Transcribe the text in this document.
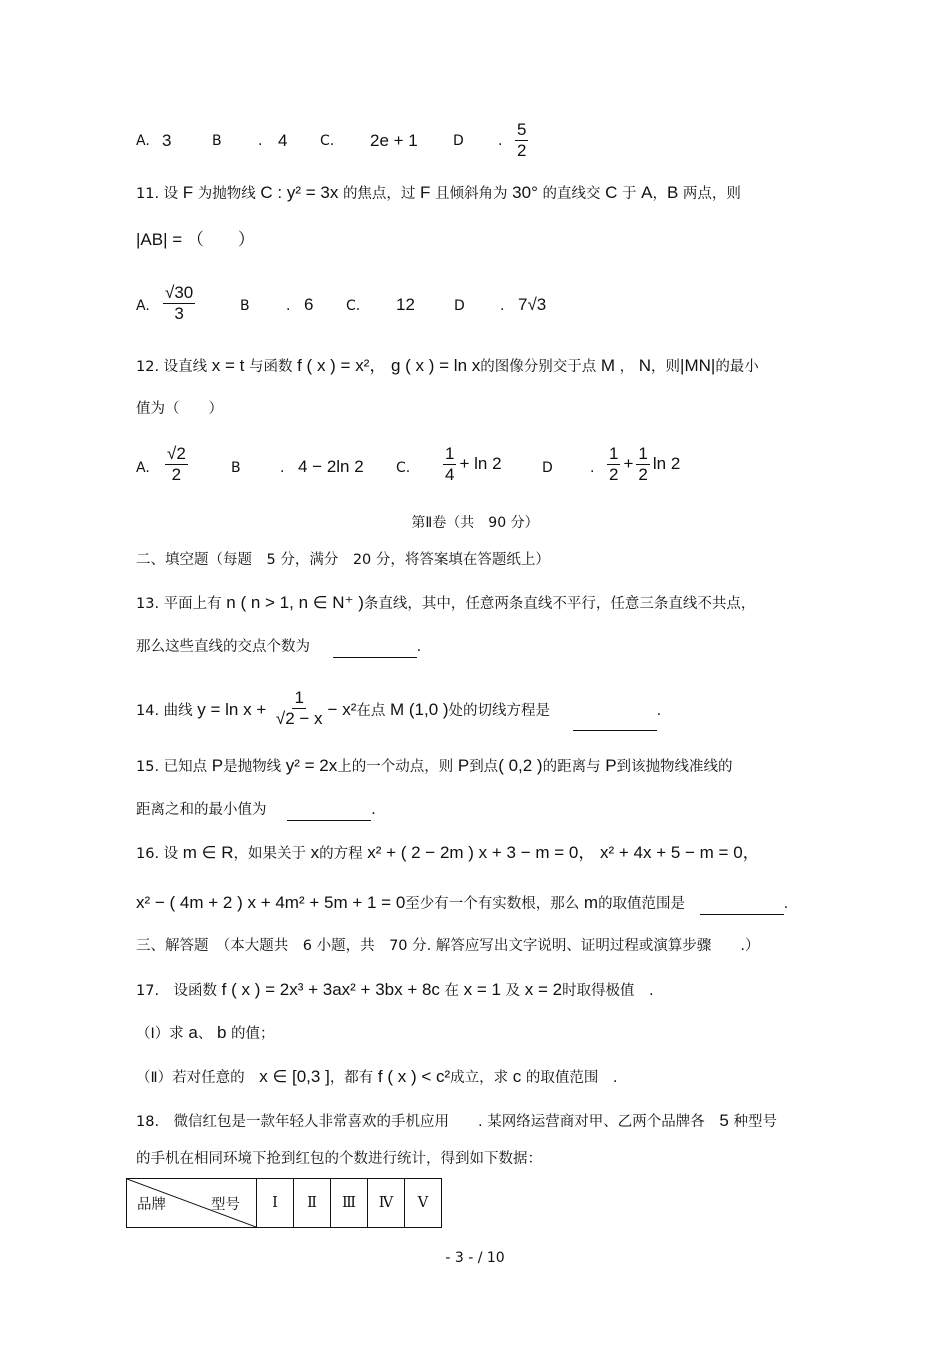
A. 3	B	. 4 C. 2e + 1	D . $\frac{5}{2}$
11. 设 F 为抛物线 C : y² = 3x 的焦点，过 F 且倾斜角为 30° 的直线交 C 于 A，B 两点，则
|AB| = （　　）
A. $\frac{√30}{3}$	B	. 6 C. 12	D	. 7√3
12. 设直线 x = t 与函数 f ( x ) = x²， g ( x ) = ln x的图像分别交于点 M ， N，则|MN|的最小
值为（　　）
A. $\frac{√2}{2}$	B	. 4 − 2ln 2 C. $\frac{1}{4} + \ln 2$	D	. $\frac{1}{2} + \frac{1}{2}$ ln 2
第Ⅱ卷（共　90 分）
二、填空题（每题　5 分，满分　20 分，将答案填在答题纸上）
13. 平面上有 n ( n > 1, n ∈ N⁺ )条直线，其中，任意两条直线不平行，任意三条直线不共点，
那么这些直线的交点个数为	.
14. 曲线 $y = \ln x + \frac{1}{√2 - x} - x^2$在点 M (1,0 )处的切线方程是	.
15. 已知点 P是抛物线 y² = 2x上的一个动点，则 P到点( 0,2 )的距离与 P到该抛物线准线的
距离之和的最小值为	.
16. 设 m ∈ R，如果关于 x的方程 x² + ( 2 − 2m ) x + 3 − m = 0， x² + 4x + 5 − m = 0，
x² − ( 4m + 2 ) x + 4m² + 5m + 1 = 0至少有一个有实数根，那么 m的取值范围是	.
三、解答题　（本大题共　6 小题，共　70 分. 解答应写出文字说明、证明过程或演算步骤　　.）
17.　设函数 f ( x ) = 2x³ + 3ax² + 3bx + 8c 在 x = 1 及 x = 2时取得极值　.
（Ⅰ）求 a、 b 的值；
（Ⅱ）若对任意的 x ∈ [0,3 ]，都有 f ( x ) < c²成立，求 c 的取值范围　.
18.　微信红包是一款年轻人非常喜欢的手机应用　　. 某网络运营商对甲、乙两个品牌各 5 种型号
的手机在相同环境下抢到红包的个数进行统计，得到如下数据：
品牌	型号	Ⅰ	Ⅱ	Ⅲ	Ⅳ	Ⅴ
- 3 - / 10
